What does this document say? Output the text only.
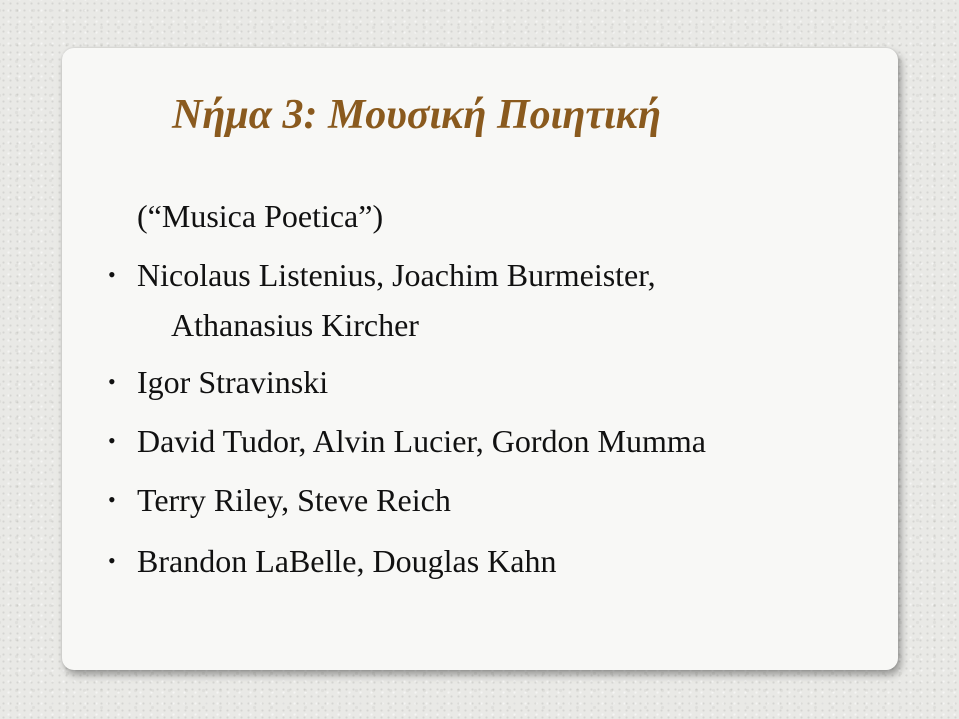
Νήμα 3: Μουσική Ποιητική
(“Musica Poetica”)
• Nicolaus Listenius, Joachim Burmeister,
Athanasius Kircher
• Igor Stravinski
• David Tudor, Alvin Lucier, Gordon Mumma
• Terry Riley, Steve Reich
• Brandon LaBelle, Douglas Kahn
